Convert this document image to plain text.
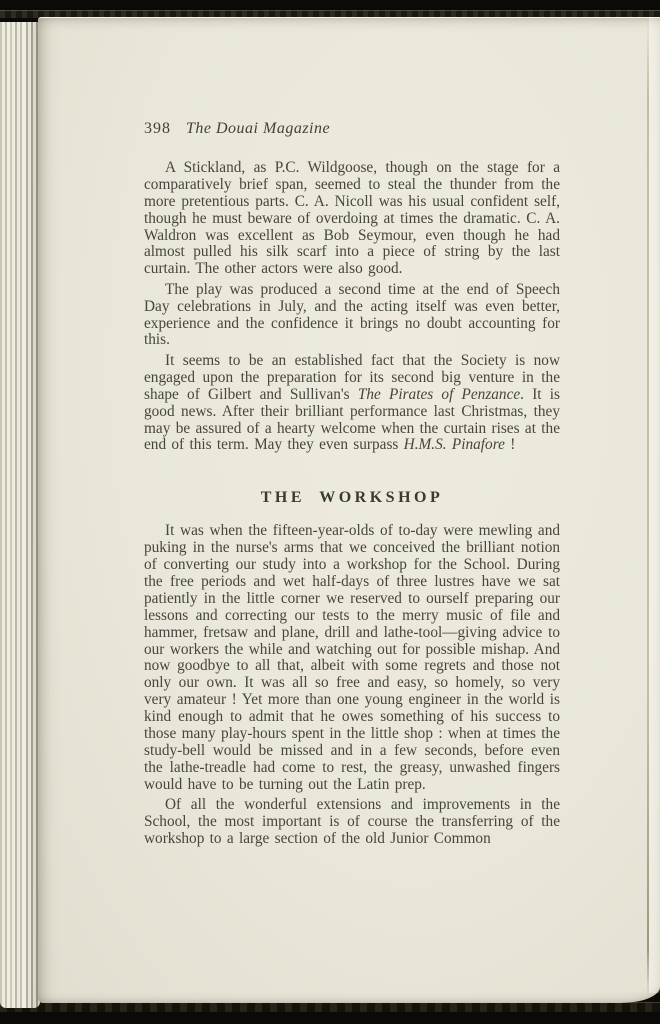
398 The Douai Magazine

A Stickland, as P.C. Wildgoose, though on the stage for a comparatively brief span, seemed to steal the thunder from the more pretentious parts. C. A. Nicoll was his usual confident self, though he must beware of overdoing at times the dramatic. C. A. Waldron was excellent as Bob Seymour, even though he had almost pulled his silk scarf into a piece of string by the last curtain. The other actors were also good.

The play was produced a second time at the end of Speech Day celebrations in July, and the acting itself was even better, experience and the confidence it brings no doubt accounting for this.

It seems to be an established fact that the Society is now engaged upon the preparation for its second big venture in the shape of Gilbert and Sullivan's The Pirates of Penzance. It is good news. After their brilliant performance last Christmas, they may be assured of a hearty welcome when the curtain rises at the end of this term. May they even surpass H.M.S. Pinafore !

THE WORKSHOP

It was when the fifteen-year-olds of to-day were mewling and puking in the nurse's arms that we conceived the brilliant notion of converting our study into a workshop for the School. During the free periods and wet half-days of three lustres have we sat patiently in the little corner we reserved to ourself preparing our lessons and correcting our tests to the merry music of file and hammer, fretsaw and plane, drill and lathe-tool—giving advice to our workers the while and watching out for possible mishap. And now goodbye to all that, albeit with some regrets and those not only our own. It was all so free and easy, so homely, so very very amateur ! Yet more than one young engineer in the world is kind enough to admit that he owes something of his success to those many play-hours spent in the little shop : when at times the study-bell would be missed and in a few seconds, before even the lathe-treadle had come to rest, the greasy, unwashed fingers would have to be turning out the Latin prep.

Of all the wonderful extensions and improvements in the School, the most important is of course the transferring of the workshop to a large section of the old Junior Common
